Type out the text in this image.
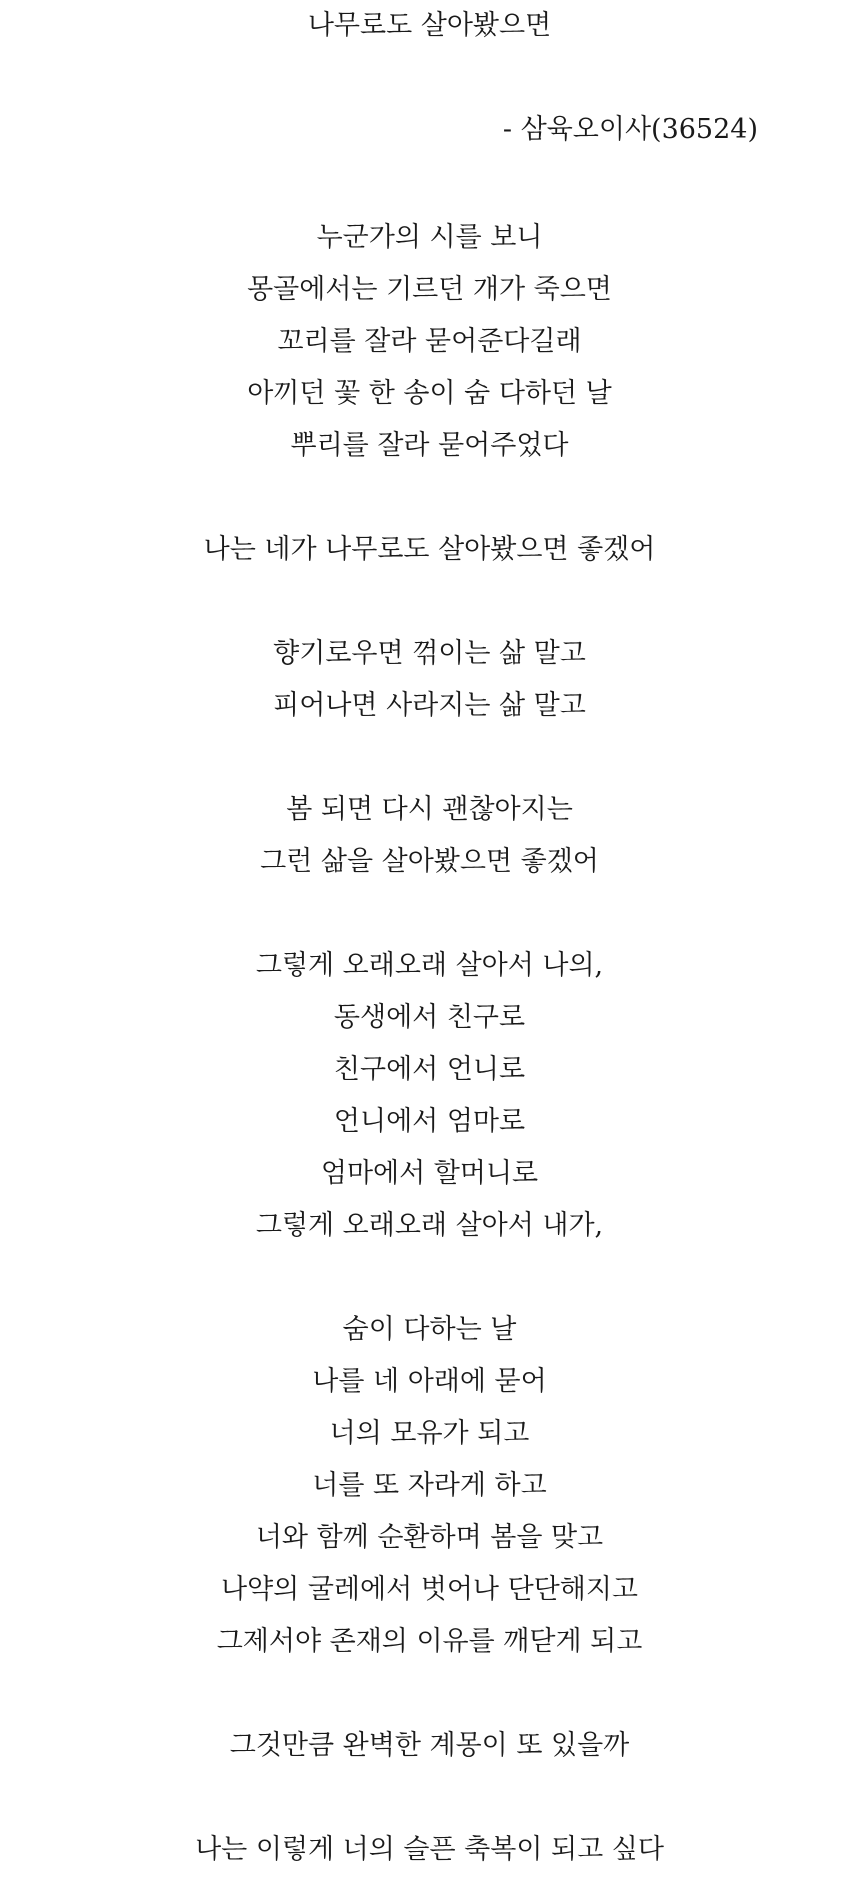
나무로도 살아봤으면
- 삼육오이사(36524)
누군가의 시를 보니
몽골에서는 기르던 개가 죽으면
꼬리를 잘라 묻어준다길래
아끼던 꽃 한 송이 숨 다하던 날
뿌리를 잘라 묻어주었다
나는 네가 나무로도 살아봤으면 좋겠어
향기로우면 꺾이는 삶 말고
피어나면 사라지는 삶 말고
봄 되면 다시 괜찮아지는
그런 삶을 살아봤으면 좋겠어
그렇게 오래오래 살아서 나의,
동생에서 친구로
친구에서 언니로
언니에서 엄마로
엄마에서 할머니로
그렇게 오래오래 살아서 내가,
숨이 다하는 날
나를 네 아래에 묻어
너의 모유가 되고
너를 또 자라게 하고
너와 함께 순환하며 봄을 맞고
나약의 굴레에서 벗어나 단단해지고
그제서야 존재의 이유를 깨닫게 되고
그것만큼 완벽한 계몽이 또 있을까
나는 이렇게 너의 슬픈 축복이 되고 싶다
